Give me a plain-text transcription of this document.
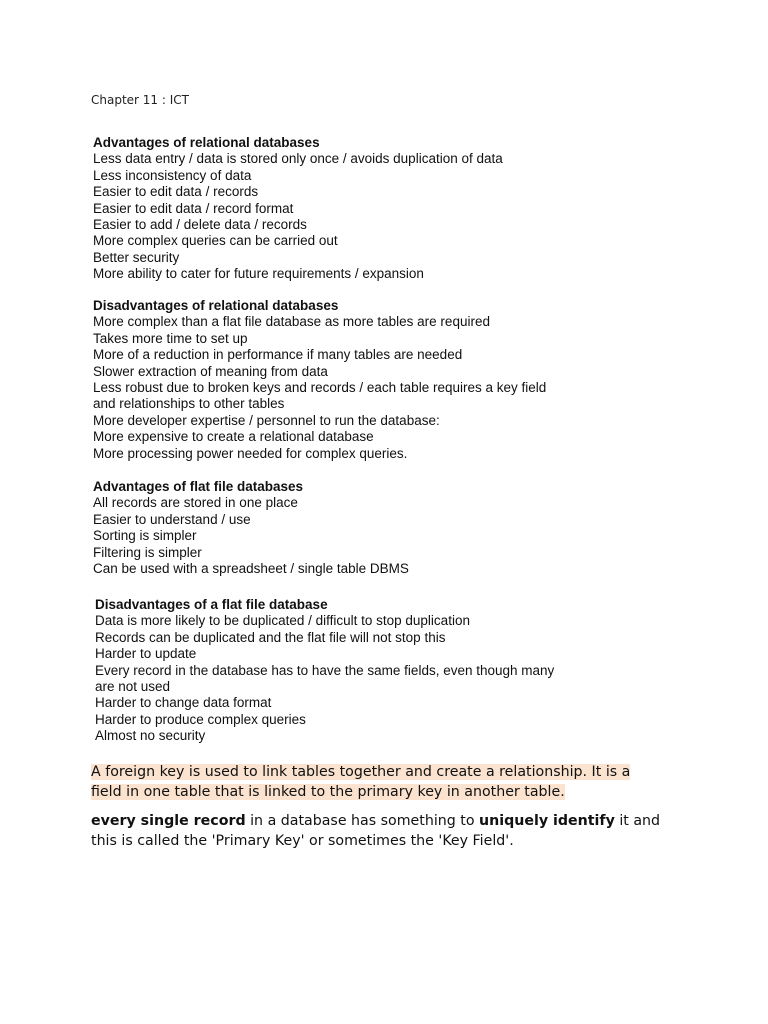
Chapter 11 : ICT
Advantages of relational databases
Less data entry / data is stored only once / avoids duplication of data
Less inconsistency of data
Easier to edit data / records
Easier to edit data / record format
Easier to add / delete data / records
More complex queries can be carried out
Better security
More ability to cater for future requirements / expansion
Disadvantages of relational databases
More complex than a flat file database as more tables are required
Takes more time to set up
More of a reduction in performance if many tables are needed
Slower extraction of meaning from data
Less robust due to broken keys and records / each table requires a key field
and relationships to other tables
More developer expertise / personnel to run the database:
More expensive to create a relational database
More processing power needed for complex queries.
Advantages of flat file databases
All records are stored in one place
Easier to understand / use
Sorting is simpler
Filtering is simpler
Can be used with a spreadsheet / single table DBMS
Disadvantages of a flat file database
Data is more likely to be duplicated / difficult to stop duplication
Records can be duplicated and the flat file will not stop this
Harder to update
Every record in the database has to have the same fields, even though many
are not used
Harder to change data format
Harder to produce complex queries
Almost no security

A foreign key is used to link tables together and create a relationship. It is a
field in one table that is linked to the primary key in another table.

every single record in a database has something to uniquely identify it and
this is called the 'Primary Key' or sometimes the 'Key Field'.
